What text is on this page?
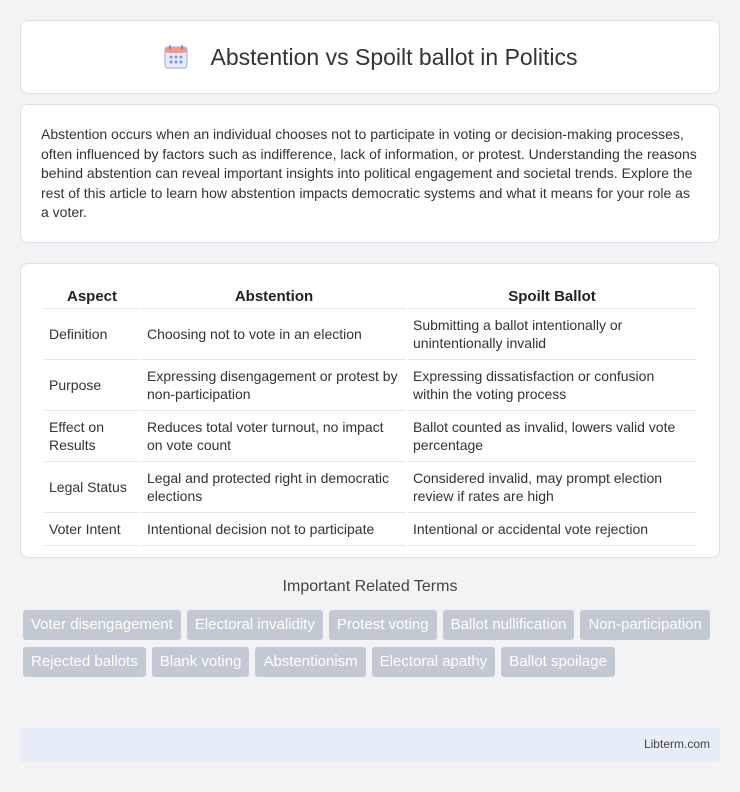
Abstention vs Spoilt ballot in Politics

Abstention occurs when an individual chooses not to participate in voting or decision-making processes, often influenced by factors such as indifference, lack of information, or protest. Understanding the reasons behind abstention can reveal important insights into political engagement and societal trends. Explore the rest of this article to learn how abstention impacts democratic systems and what it means for your role as a voter.

Aspect	Abstention	Spoilt Ballot
Definition	Choosing not to vote in an election	Submitting a ballot intentionally or unintentionally invalid
Purpose	Expressing disengagement or protest by non-participation	Expressing dissatisfaction or confusion within the voting process
Effect on Results	Reduces total voter turnout, no impact on vote count	Ballot counted as invalid, lowers valid vote percentage
Legal Status	Legal and protected right in democratic elections	Considered invalid, may prompt election review if rates are high
Voter Intent	Intentional decision not to participate	Intentional or accidental vote rejection
Important Related Terms
Voter disengagement	Electoral invalidity	Protest voting	Ballot nullification	Non-participation
Rejected ballots	Blank voting	Abstentionism	Electoral apathy	Ballot spoilage
Libterm.com
